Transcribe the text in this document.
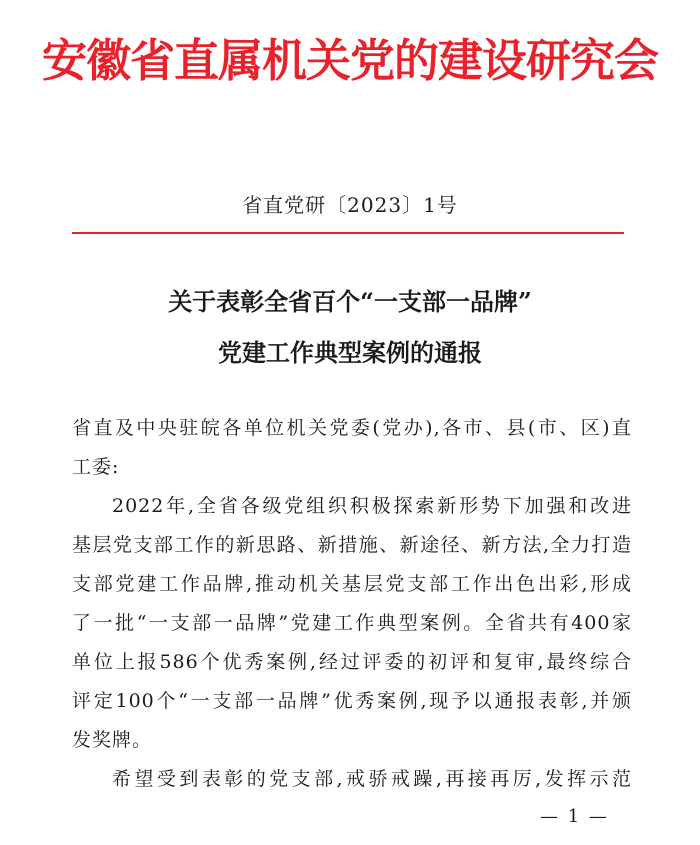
安徽省直属机关党的建设研究会
省直党研〔2023〕1号
关于表彰全省百个“一支部一品牌”
党建工作典型案例的通报
省直及中央驻皖各单位机关党委(党办),各市、县(市、区)直
工委:
2022年,全省各级党组织积极探索新形势下加强和改进
基层党支部工作的新思路、新措施、新途径、新方法,全力打造
支部党建工作品牌,推动机关基层党支部工作出色出彩,形成
了一批“一支部一品牌”党建工作典型案例。全省共有400家
单位上报586个优秀案例,经过评委的初评和复审,最终综合
评定100个“一支部一品牌”优秀案例,现予以通报表彰,并颁
发奖牌。
希望受到表彰的党支部,戒骄戒躁,再接再厉,发挥示范
— 1 —
